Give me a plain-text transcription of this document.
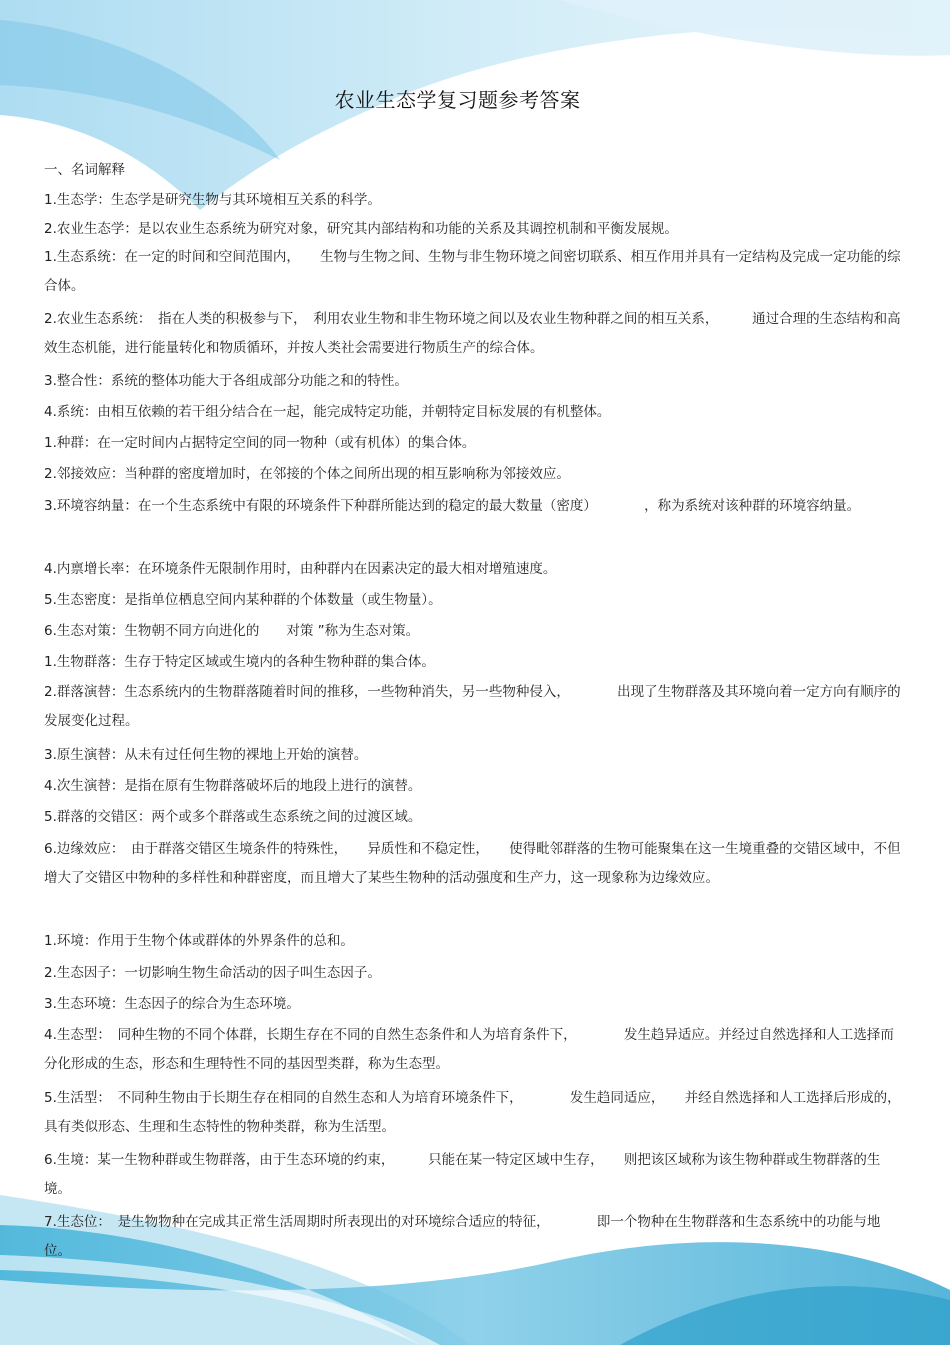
农业生态学复习题参考答案
一、名词解释

1.生态学：生态学是研究生物与其环境相互关系的科学。

2.农业生态学：是以农业生态系统为研究对象，研究其内部结构和功能的关系及其调控机制和平衡发展规。

1.生态系统：在一定的时间和空间范围内，　　生物与生物之间、生物与非生物环境之间密切联系、相互作用并具有一定结构及完成一定功能的综合体。

2.农业生态系统：　指在人类的积极参与下，　利用农业生物和非生物环境之间以及农业生物种群之间的相互关系，　　　通过合理的生态结构和高效生态机能，进行能量转化和物质循环，并按人类社会需要进行物质生产的综合体。

3.整合性：系统的整体功能大于各组成部分功能之和的特性。

4.系统：由相互依赖的若干组分结合在一起，能完成特定功能，并朝特定目标发展的有机整体。

1.种群：在一定时间内占据特定空间的同一物种（或有机体）的集合体。

2.邻接效应：当种群的密度增加时，在邻接的个体之间所出现的相互影响称为邻接效应。

3.环境容纳量：在一个生态系统中有限的环境条件下种群所能达到的稳定的最大数量（密度）　　　　，称为系统对该种群的环境容纳量。

4.内禀增长率：在环境条件无限制作用时，由种群内在因素决定的最大相对增殖速度。

5.生态密度：是指单位栖息空间内某种群的个体数量（或生物量）。

6.生态对策：生物朝不同方向进化的　　对策 ”称为生态对策。

1.生物群落：生存于特定区域或生境内的各种生物种群的集合体。

2.群落演替：生态系统内的生物群落随着时间的推移，一些物种消失，另一些物种侵入，　　　　出现了生物群落及其环境向着一定方向有顺序的发展变化过程。

3.原生演替：从未有过任何生物的裸地上开始的演替。

4.次生演替：是指在原有生物群落破坏后的地段上进行的演替。

5.群落的交错区：两个或多个群落或生态系统之间的过渡区域。

6.边缘效应：　由于群落交错区生境条件的特殊性，　　异质性和不稳定性，　　使得毗邻群落的生物可能聚集在这一生境重叠的交错区域中，不但增大了交错区中物种的多样性和种群密度，而且增大了某些生物种的活动强度和生产力，这一现象称为边缘效应。

1.环境：作用于生物个体或群体的外界条件的总和。

2.生态因子：一切影响生物生命活动的因子叫生态因子。

3.生态环境：生态因子的综合为生态环境。

4.生态型：　同种生物的不同个体群，长期生存在不同的自然生态条件和人为培育条件下，　　　　发生趋异适应。并经过自然选择和人工选择而分化形成的生态，形态和生理特性不同的基因型类群，称为生态型。

5.生活型：　不同种生物由于长期生存在相同的自然生态和人为培育环境条件下，　　　　发生趋同适应，　　并经自然选择和人工选择后形成的，具有类似形态、生理和生态特性的物种类群，称为生活型。

6.生境：某一生物种群或生物群落，由于生态环境的约束，　　　只能在某一特定区域中生存，　　则把该区域称为该生物种群或生物群落的生境。

7.生态位：　是生物物种在完成其正常生活周期时所表现出的对环境综合适应的特征，　　　　即一个物种在生物群落和生态系统中的功能与地位。
